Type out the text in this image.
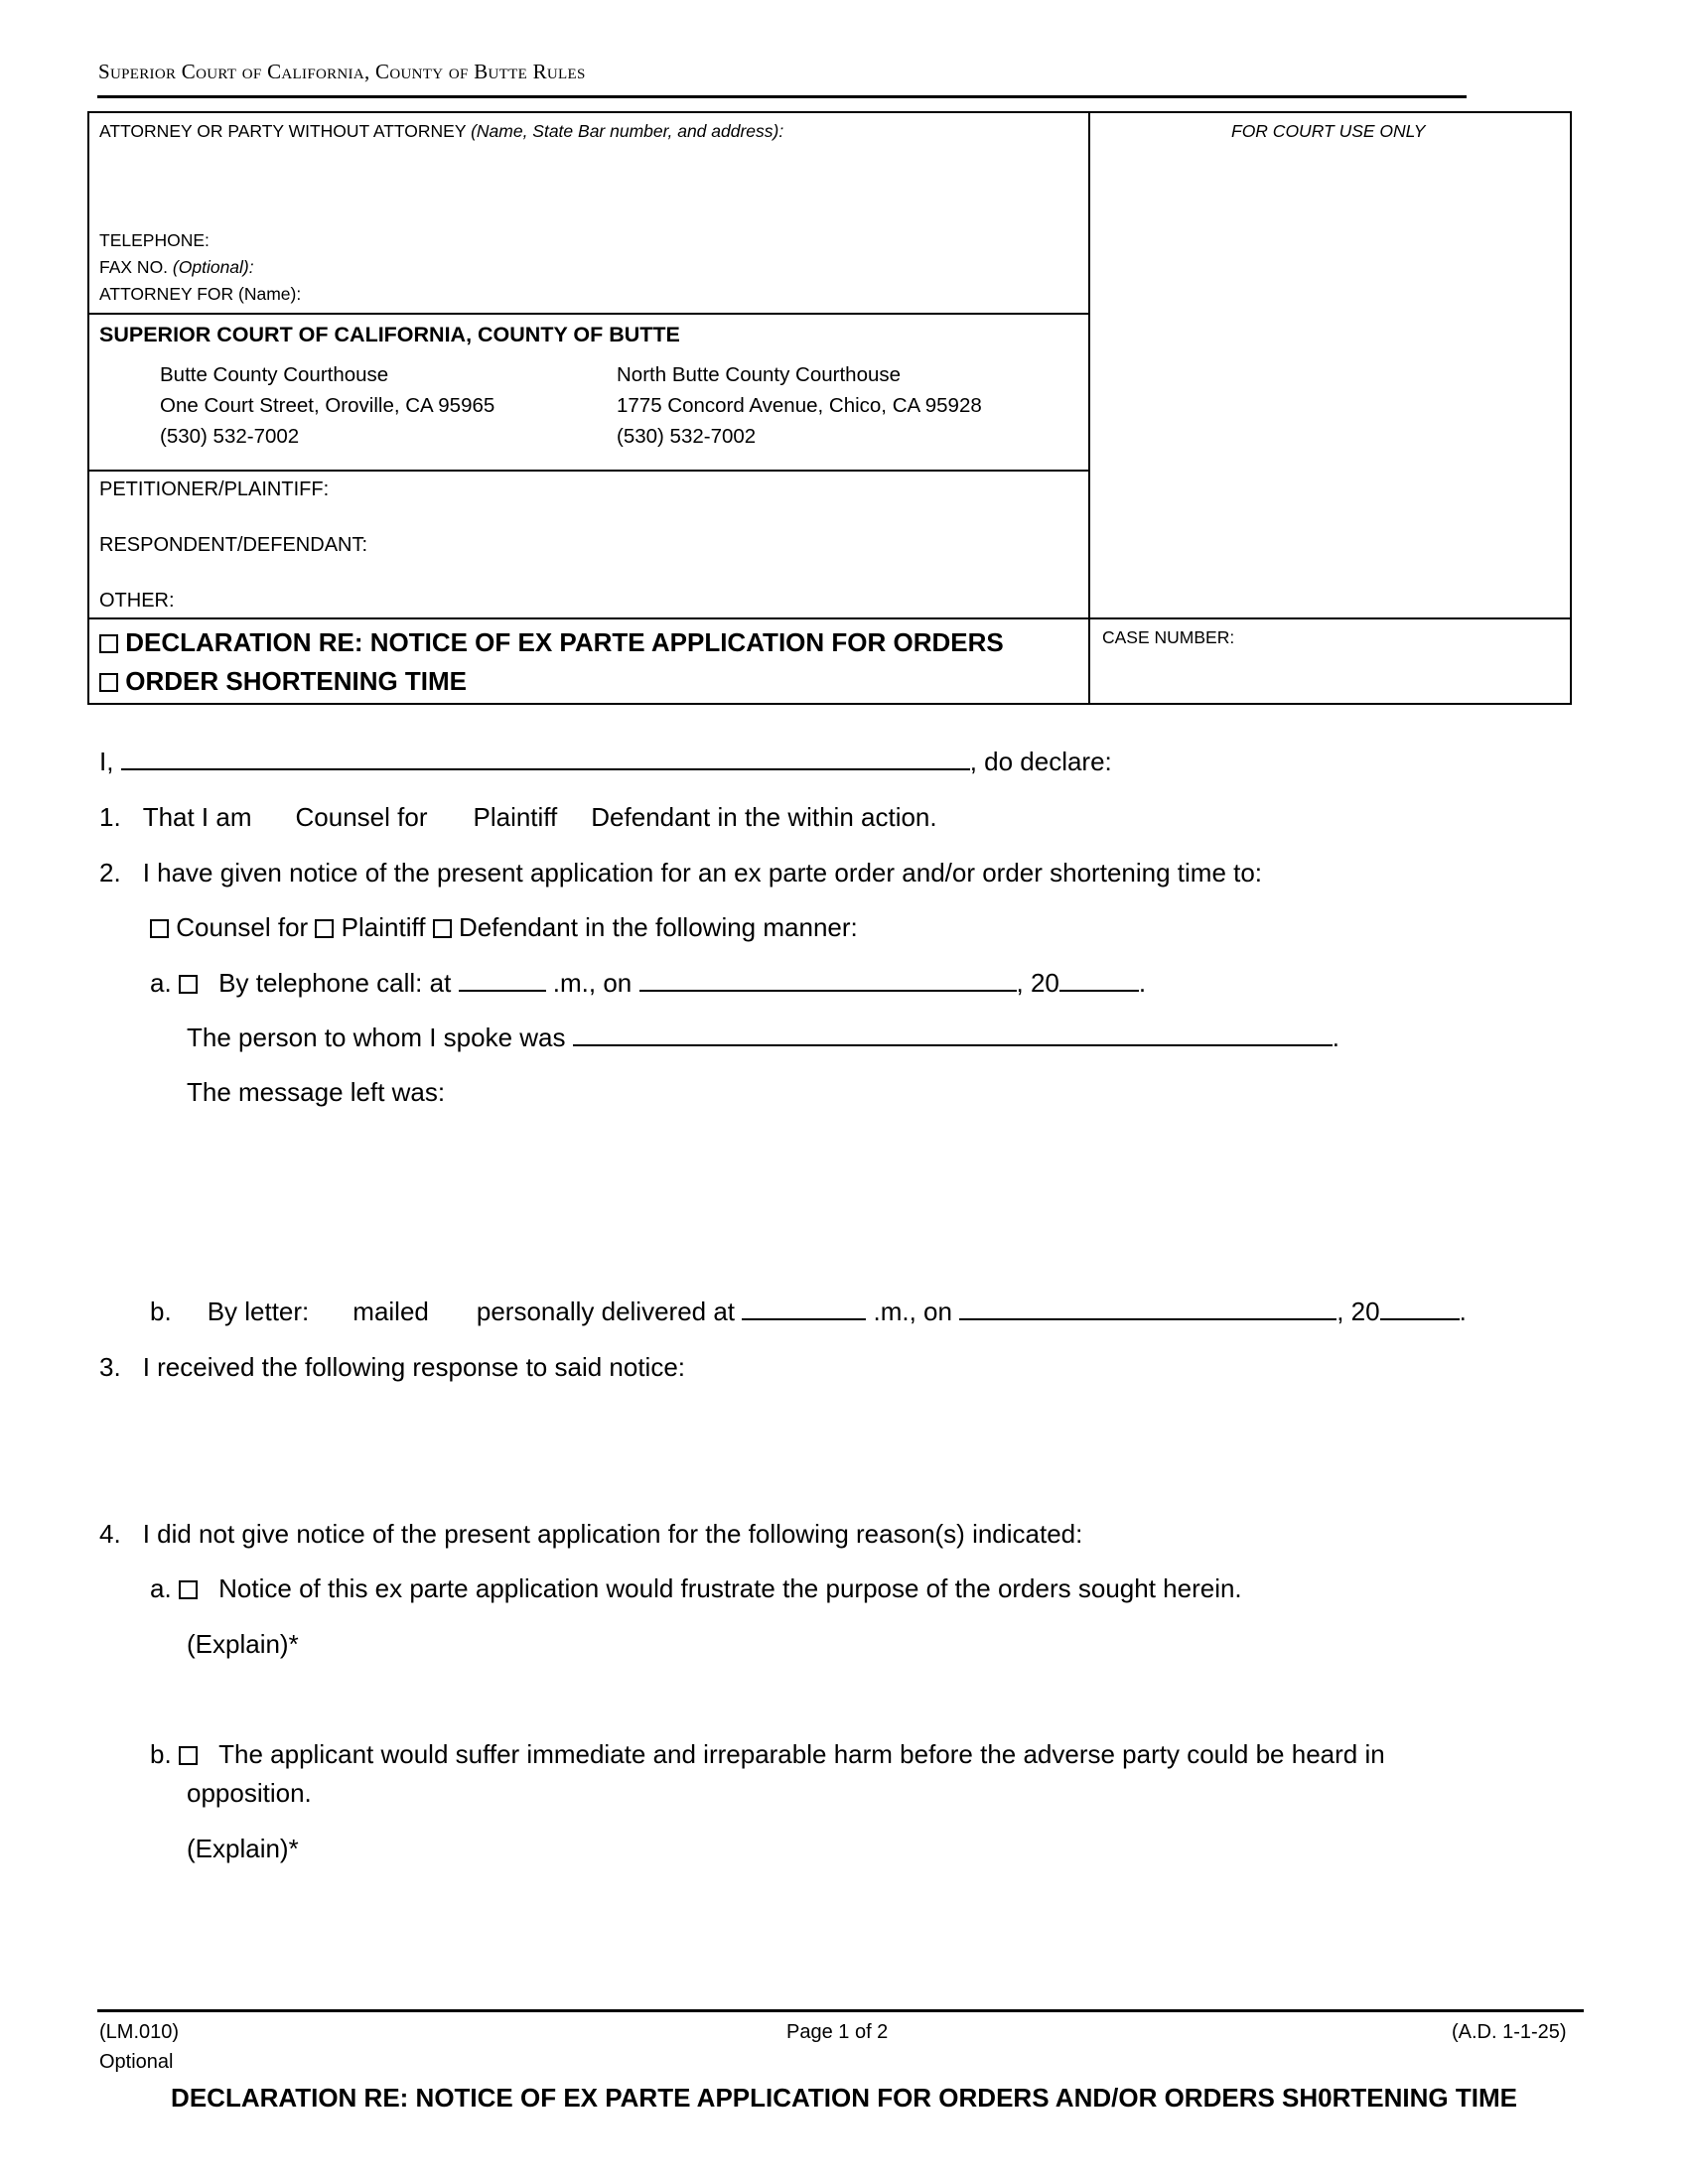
Superior Court of California, County of Butte Rules
ATTORNEY OR PARTY WITHOUT ATTORNEY (Name, State Bar number, and address):
TELEPHONE:
FAX NO. (Optional):
ATTORNEY FOR (Name):
FOR COURT USE ONLY
SUPERIOR COURT OF CALIFORNIA, COUNTY OF BUTTE
Butte County Courthouse
One Court Street, Oroville, CA 95965
(530) 532-7002
North Butte County Courthouse
1775 Concord Avenue, Chico, CA 95928
(530) 532-7002
PETITIONER/PLAINTIFF:
RESPONDENT/DEFENDANT:
OTHER:
DECLARATION RE: NOTICE OF EX PARTE APPLICATION FOR ORDERS
ORDER SHORTENING TIME
CASE NUMBER:
I,	, do declare:
1. That I am Counsel for Plaintiff Defendant in the within action.
2. I have given notice of the present application for an ex parte order and/or order shortening time to:
Counsel for Plaintiff Defendant in the following manner:
a. By telephone call: at	.m., on	, 20	.
The person to whom I spoke was	.
The message left was:
b. By letter: mailed personally delivered at	.m., on	, 20	.
3. I received the following response to said notice:
4. I did not give notice of the present application for the following reason(s) indicated:
a. Notice of this ex parte application would frustrate the purpose of the orders sought herein.
(Explain)*
b. The applicant would suffer immediate and irreparable harm before the adverse party could be heard in
opposition.
(Explain)*
(LM.010)
Optional
Page 1 of 2	(A.D. 1-1-25)
DECLARATION RE: NOTICE OF EX PARTE APPLICATION FOR ORDERS AND/OR ORDERS SH0RTENING TIME
